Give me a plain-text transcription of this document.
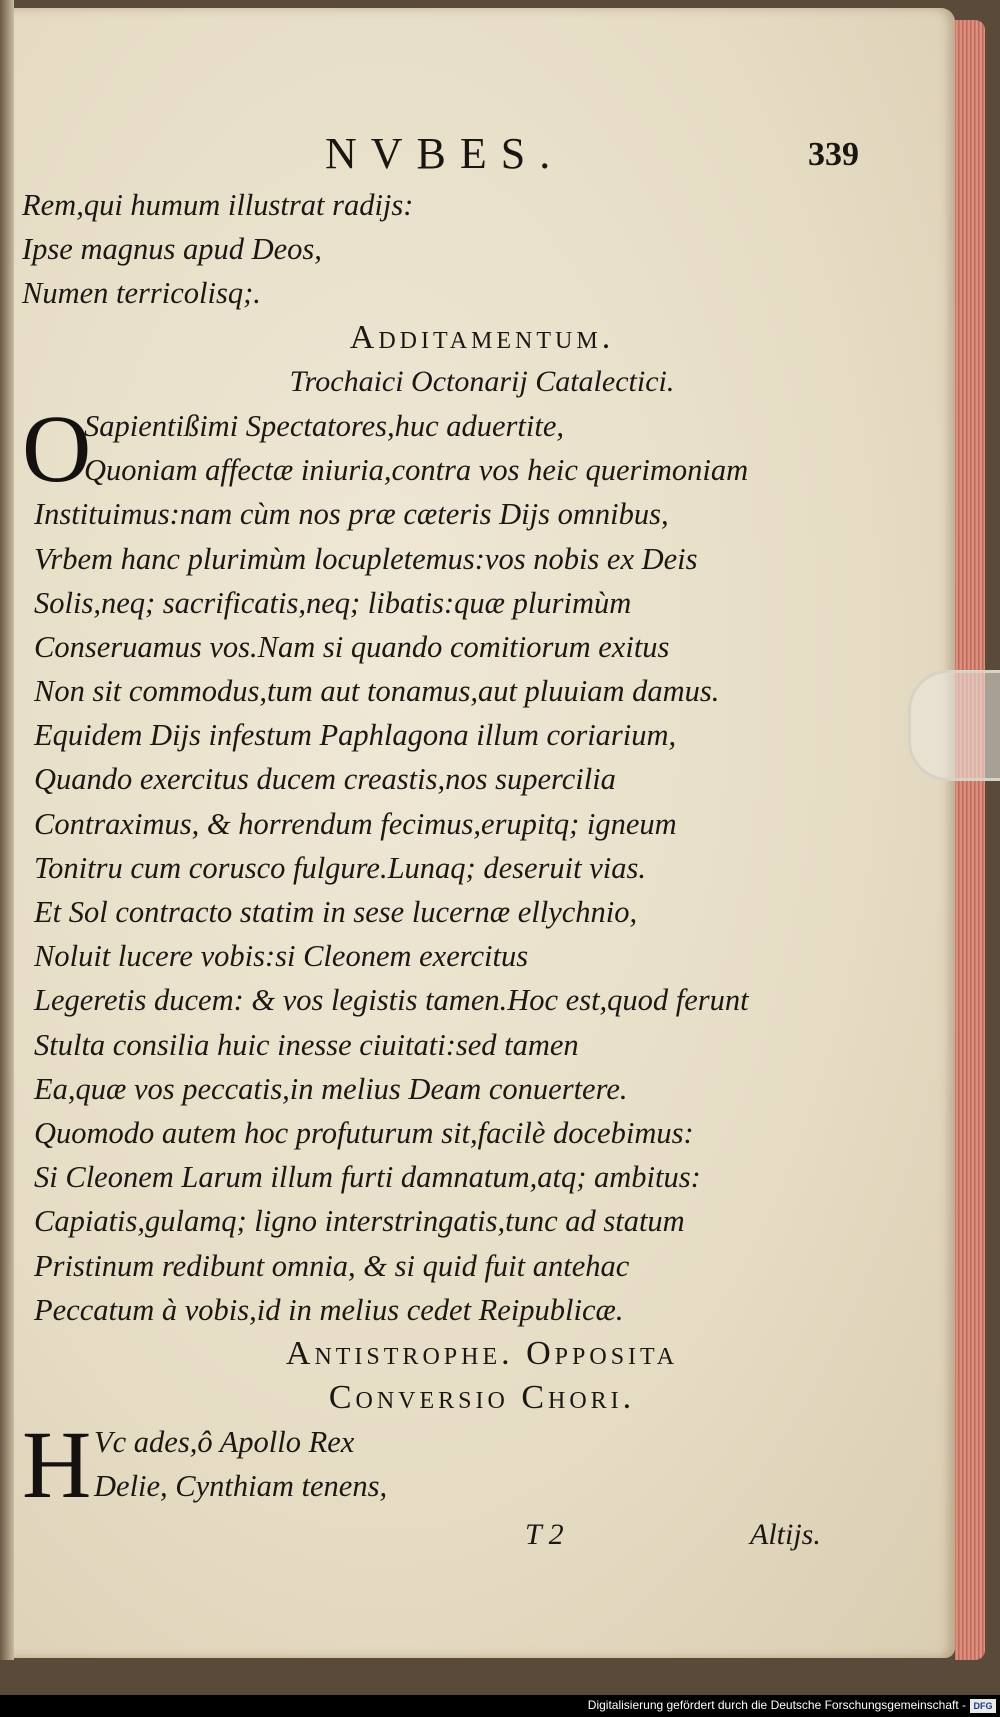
NVBES.	339
Rem,qui humum illustrat radijs:
Ipse magnus apud Deos,
Numen terricolisq;.
Additamentum.
Trochaici Octonarij Catalectici.
O
Sapientißimi Spectatores,huc aduertite,
Quoniam affectæ iniuria,contra vos heic querimoniam
Instituimus:nam cùm nos præ cæteris Dijs omnibus,
Vrbem hanc plurimùm locupletemus:vos nobis ex Deis
Solis,neq; sacrificatis,neq; libatis:quæ plurimùm
Conseruamus vos.Nam si quando comitiorum exitus
Non sit commodus,tum aut tonamus,aut pluuiam damus.
Equidem Dijs infestum Paphlagona illum coriarium,
Quando exercitus ducem creastis,nos supercilia
Contraximus, & horrendum fecimus,erupitq; igneum
Tonitru cum corusco fulgure.Lunaq; deseruit vias.
Et Sol contracto statim in sese lucernæ ellychnio,
Noluit lucere vobis:si Cleonem exercitus
Legeretis ducem: & vos legistis tamen.Hoc est,quod ferunt
Stulta consilia huic inesse ciuitati:sed tamen
Ea,quæ vos peccatis,in melius Deam conuertere.
Quomodo autem hoc profuturum sit,facilè docebimus:
Si Cleonem Larum illum furti damnatum,atq; ambitus:
Capiatis,gulamq; ligno interstringatis,tunc ad statum
Pristinum redibunt omnia, & si quid fuit antehac
Peccatum à vobis,id in melius cedet Reipublicæ.
Antistrophe. Opposita
Conversio Chori.
H Vc ades,ô Apollo Rex
Delie, Cynthiam tenens,
T 2	Altijs.
Digitalisierung gefördert durch die Deutsche Forschungsgemeinschaft - DFG
